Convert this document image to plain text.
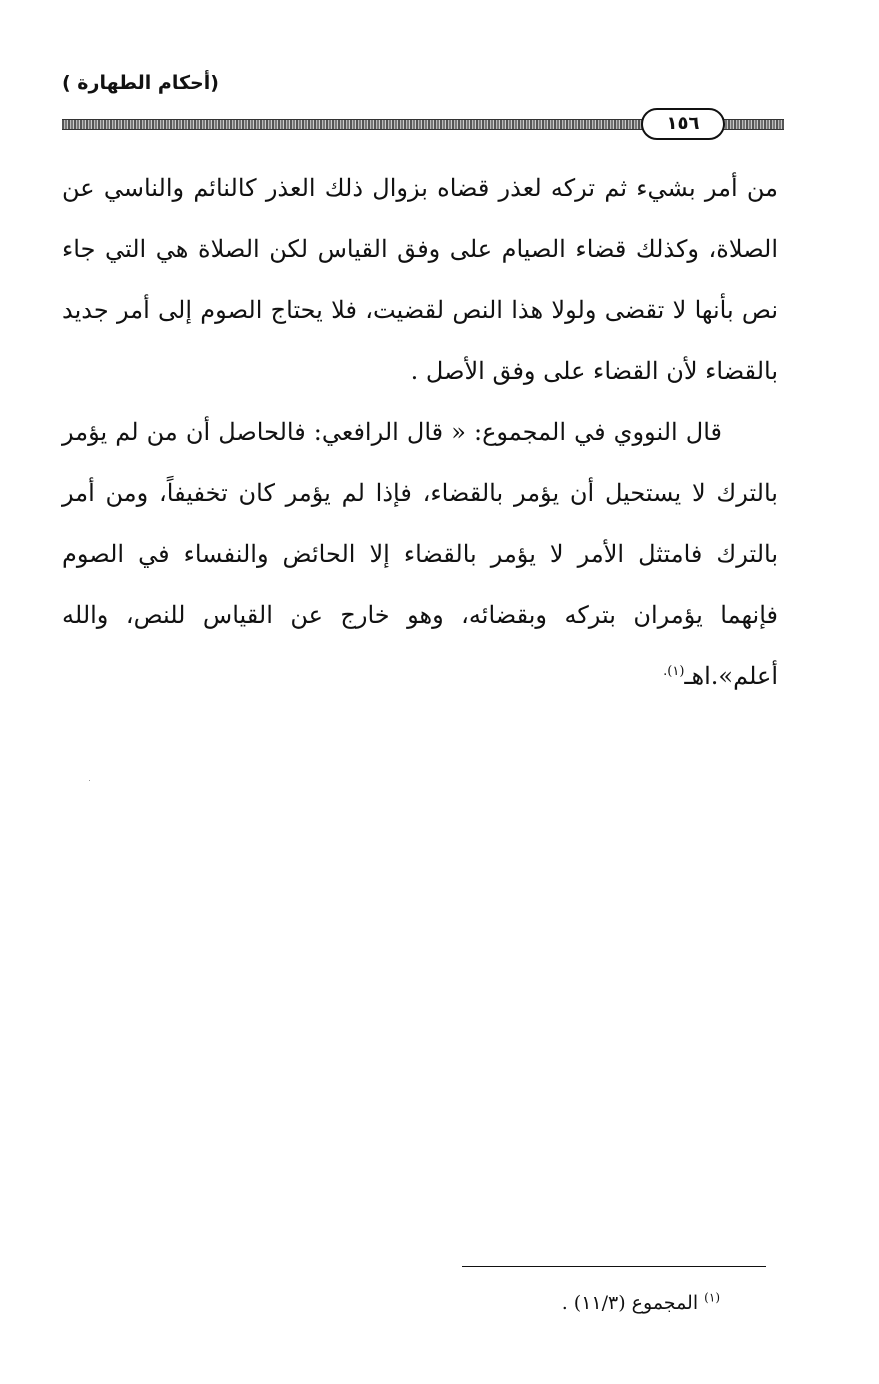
(أحكام الطهارة )
١٥٦

من أمر بشيء ثم تركه لعذر قضاه بزوال ذلك العذر كالنائم والناسي عن الصلاة، وكذلك قضاء الصيام على وفق القياس لكن الصلاة هي التي جاء نص بأنها لا تقضى ولولا هذا النص لقضيت، فلا يحتاج الصوم إلى أمر جديد بالقضاء لأن القضاء على وفق الأصل .

قال النووي في المجموع: « قال الرافعي: فالحاصل أن من لم يؤمر بالترك لا يستحيل أن يؤمر بالقضاء، فإذا لم يؤمر كان تخفيفاً، ومن أمر بالترك فامتثل الأمر لا يؤمر بالقضاء إلا الحائض والنفساء في الصوم فإنهما يؤمران بتركه وبقضائه، وهو خارج عن القياس للنص، والله أعلم».اهـ$^{(١).}$

$^{(١)}$ المجموع (١١/٣) .
